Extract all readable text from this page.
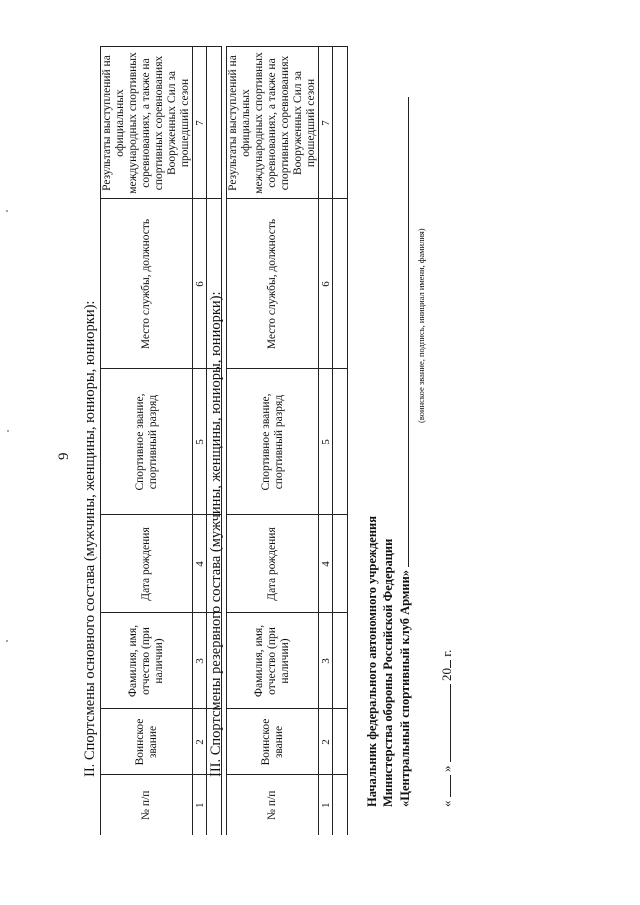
9 II. Спортсмены основного состава (мужчины, женщины, юниоры, юниорки):
№ п/п	Воинское звание	Фамилия, имя, отчество (при наличии)	Дата рождения	Спортивное звание, спортивный разряд	Место службы, должность	Результаты выступлений на официальных международных спортивных соревнованиях, а также на спортивных соревнованиях Вооруженных Сил за прошедший сезон
1	2	3	4	5	6	7

III. Спортсмены резервного состава (мужчины, женщины, юниоры, юниорки):
№ п/п	Воинское звание	Фамилия, имя, отчество (при наличии)	Дата рождения	Спортивное звание, спортивный разряд	Место службы, должность	Результаты выступлений на официальных международных спортивных соревнованиях, а также на спортивных соревнованиях Вооруженных Сил за прошедший сезон
1	2	3	4	5	6	7

Начальник федерального автономного учреждения Министерства обороны Российской Федерации «Центральный спортивный клуб Армии»
(воинское звание, подпись, инициал имени, фамилия)
«  »  20 г.
